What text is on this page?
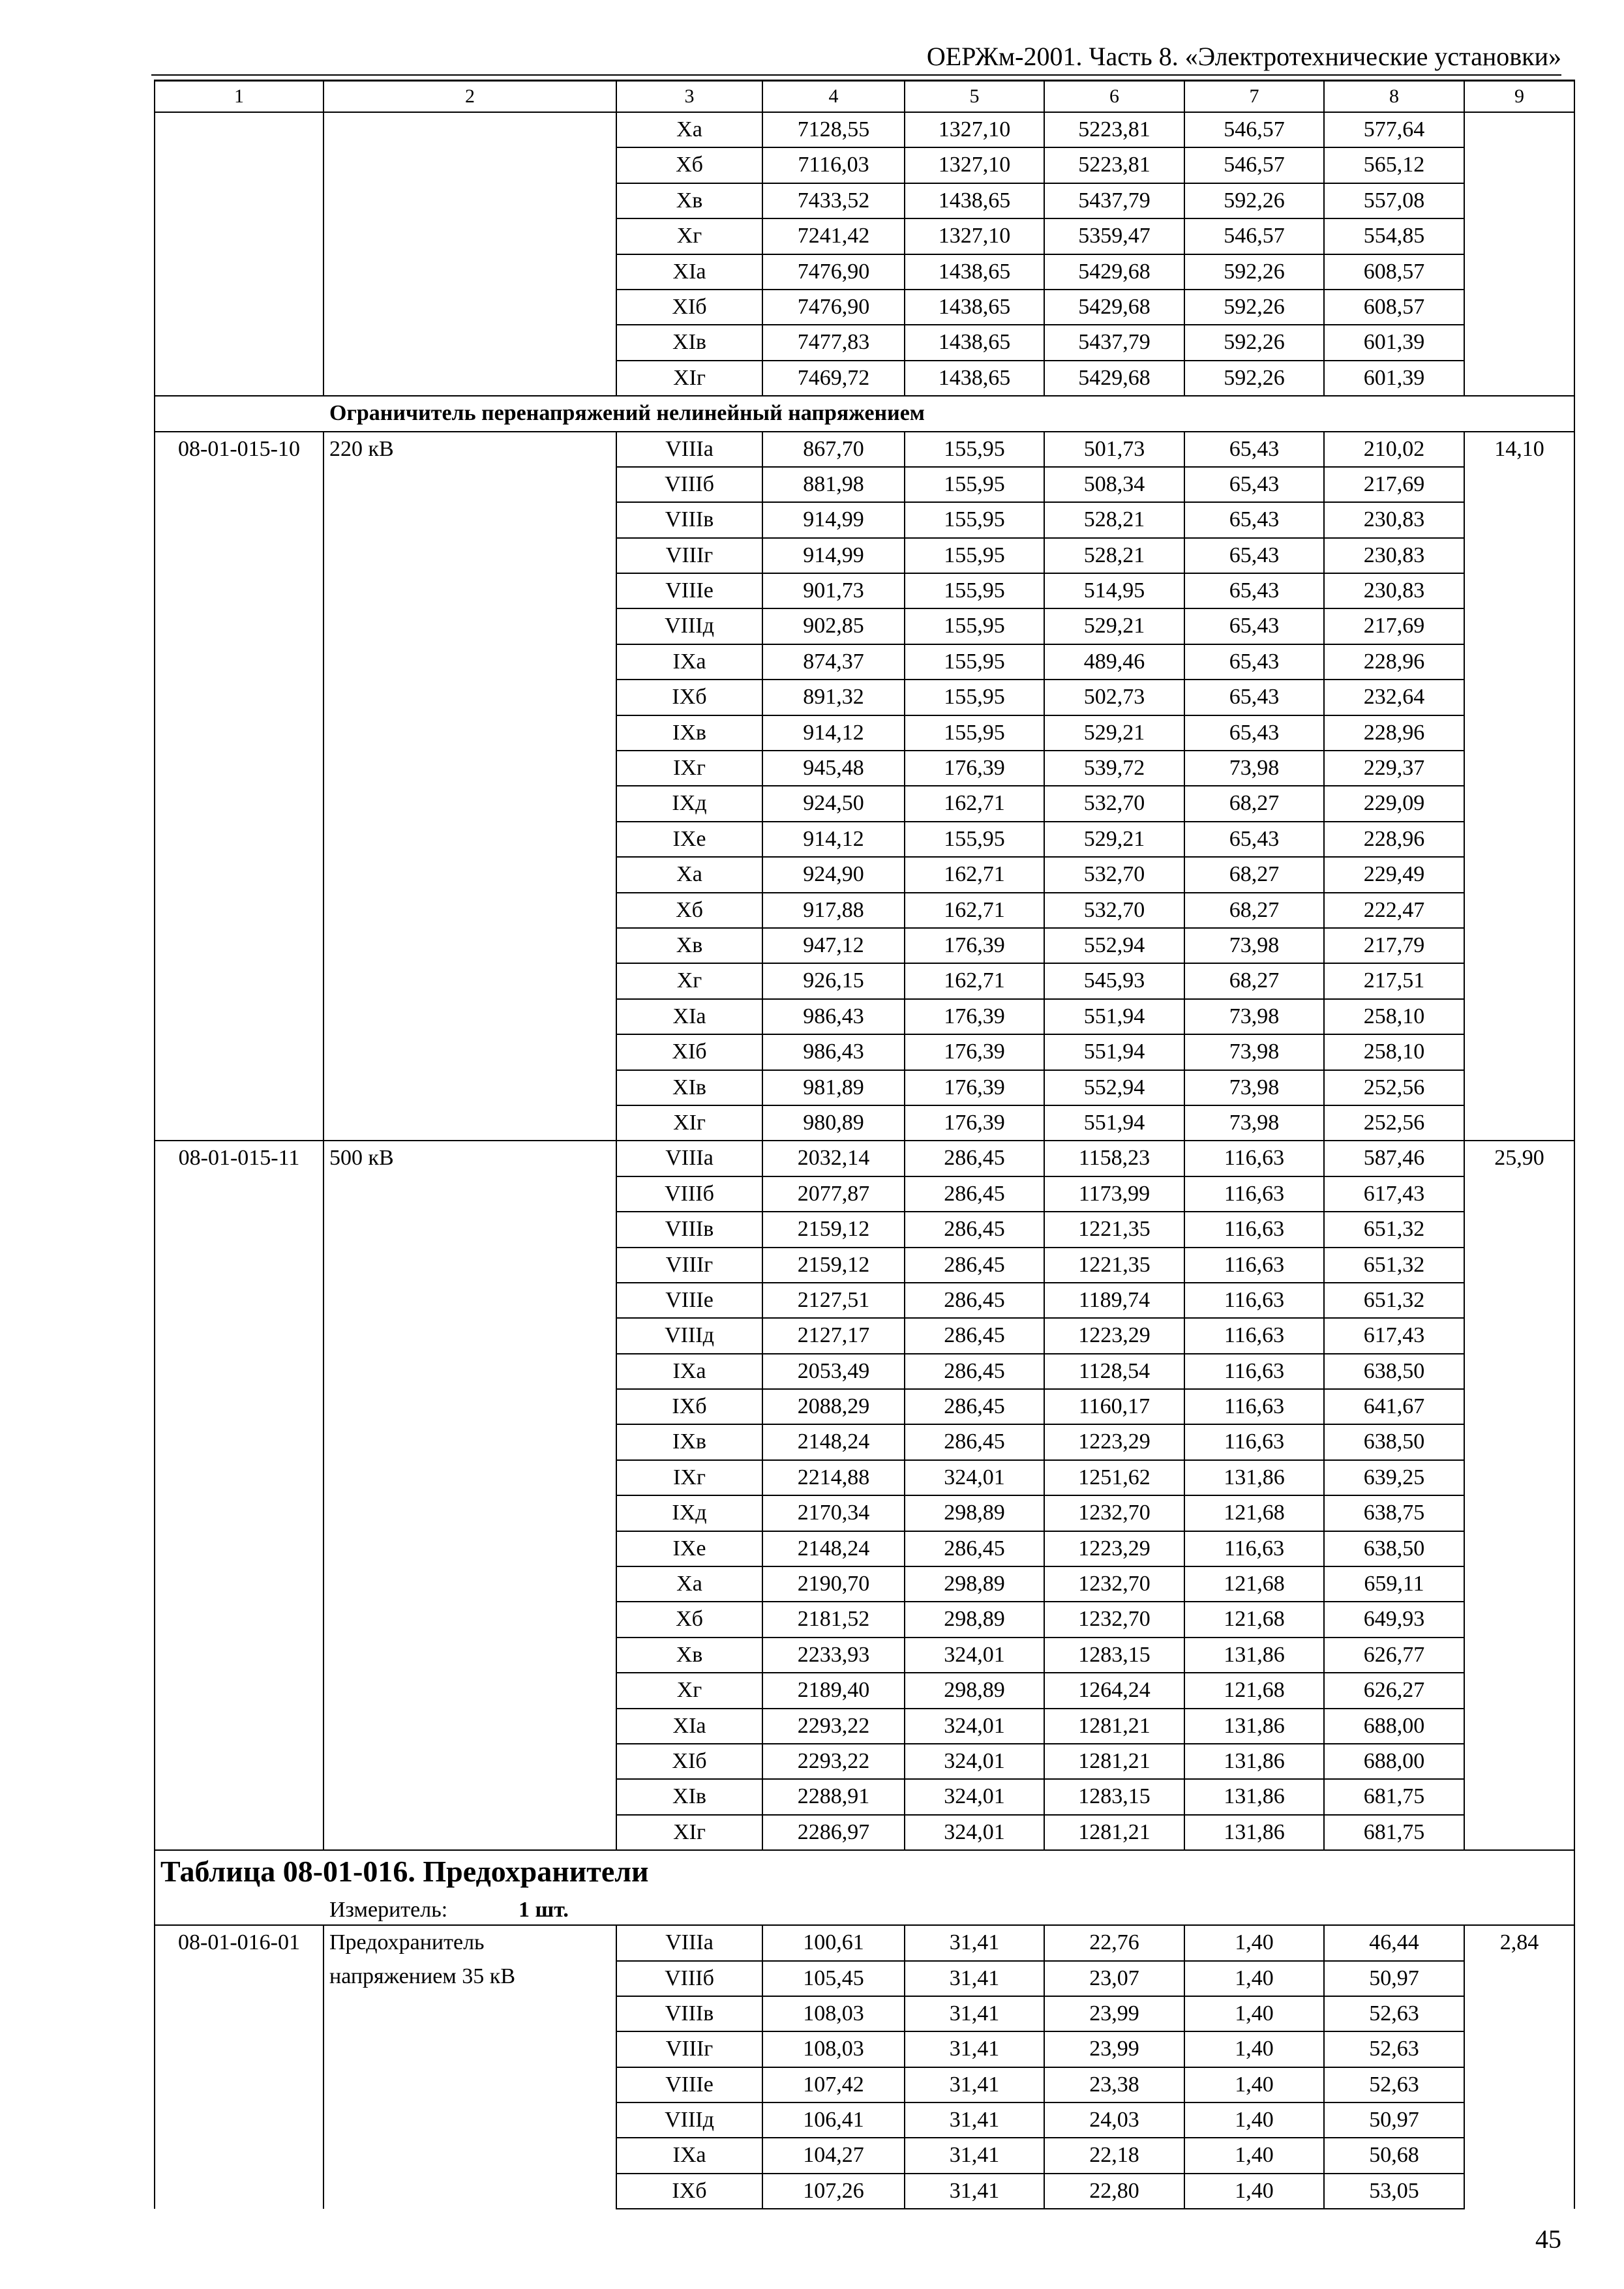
ОЕРЖм-2001. Часть 8. «Электротехнические установки»
1	2	3	4	5	6	7	8	9
		Xa	7128,55	1327,10	5223,81	546,57	577,64	
		Xб	7116,03	1327,10	5223,81	546,57	565,12	
		Xв	7433,52	1438,65	5437,79	592,26	557,08	
		Xг	7241,42	1327,10	5359,47	546,57	554,85	
		XIa	7476,90	1438,65	5429,68	592,26	608,57	
		XIб	7476,90	1438,65	5429,68	592,26	608,57	
		XIв	7477,83	1438,65	5437,79	592,26	601,39	
		XIг	7469,72	1438,65	5429,68	592,26	601,39	
Ограничитель перенапряжений нелинейный напряжением								
08-01-015-10	220 кВ	VIIIa	867,70	155,95	501,73	65,43	210,02	14,10
		VIIIб	881,98	155,95	508,34	65,43	217,69	
		VIIIв	914,99	155,95	528,21	65,43	230,83	
		VIIIг	914,99	155,95	528,21	65,43	230,83	
		VIIIe	901,73	155,95	514,95	65,43	230,83	
		VIIIд	902,85	155,95	529,21	65,43	217,69	
		IXa	874,37	155,95	489,46	65,43	228,96	
		IXб	891,32	155,95	502,73	65,43	232,64	
		IXв	914,12	155,95	529,21	65,43	228,96	
		IXг	945,48	176,39	539,72	73,98	229,37	
		IXд	924,50	162,71	532,70	68,27	229,09	
		IXe	914,12	155,95	529,21	65,43	228,96	
		Xa	924,90	162,71	532,70	68,27	229,49	
		Xб	917,88	162,71	532,70	68,27	222,47	
		Xв	947,12	176,39	552,94	73,98	217,79	
		Xг	926,15	162,71	545,93	68,27	217,51	
		XIa	986,43	176,39	551,94	73,98	258,10	
		XIб	986,43	176,39	551,94	73,98	258,10	
		XIв	981,89	176,39	552,94	73,98	252,56	
		XIг	980,89	176,39	551,94	73,98	252,56	
08-01-015-11	500 кВ	VIIIa	2032,14	286,45	1158,23	116,63	587,46	25,90
		VIIIб	2077,87	286,45	1173,99	116,63	617,43	
		VIIIв	2159,12	286,45	1221,35	116,63	651,32	
		VIIIг	2159,12	286,45	1221,35	116,63	651,32	
		VIIIe	2127,51	286,45	1189,74	116,63	651,32	
		VIIIд	2127,17	286,45	1223,29	116,63	617,43	
		IXa	2053,49	286,45	1128,54	116,63	638,50	
		IXб	2088,29	286,45	1160,17	116,63	641,67	
		IXв	2148,24	286,45	1223,29	116,63	638,50	
		IXг	2214,88	324,01	1251,62	131,86	639,25	
		IXд	2170,34	298,89	1232,70	121,68	638,75	
		IXe	2148,24	286,45	1223,29	116,63	638,50	
		Xa	2190,70	298,89	1232,70	121,68	659,11	
		Xб	2181,52	298,89	1232,70	121,68	649,93	
		Xв	2233,93	324,01	1283,15	131,86	626,77	
		Xг	2189,40	298,89	1264,24	121,68	626,27	
		XIa	2293,22	324,01	1281,21	131,86	688,00	
		XIб	2293,22	324,01	1281,21	131,86	688,00	
		XIв	2288,91	324,01	1283,15	131,86	681,75	
		XIг	2286,97	324,01	1281,21	131,86	681,75	
Таблица 08-01-016. Предохранители								
Измеритель: 1 шт.								
08-01-016-01	Предохранитель напряжением 35 кВ	VIIIa	100,61	31,41	22,76	1,40	46,44	2,84
		VIIIб	105,45	31,41	23,07	1,40	50,97	
		VIIIв	108,03	31,41	23,99	1,40	52,63	
		VIIIг	108,03	31,41	23,99	1,40	52,63	
		VIIIe	107,42	31,41	23,38	1,40	52,63	
		VIIIд	106,41	31,41	24,03	1,40	50,97	
		IXa	104,27	31,41	22,18	1,40	50,68	
		IXб	107,26	31,41	22,80	1,40	53,05	
45
